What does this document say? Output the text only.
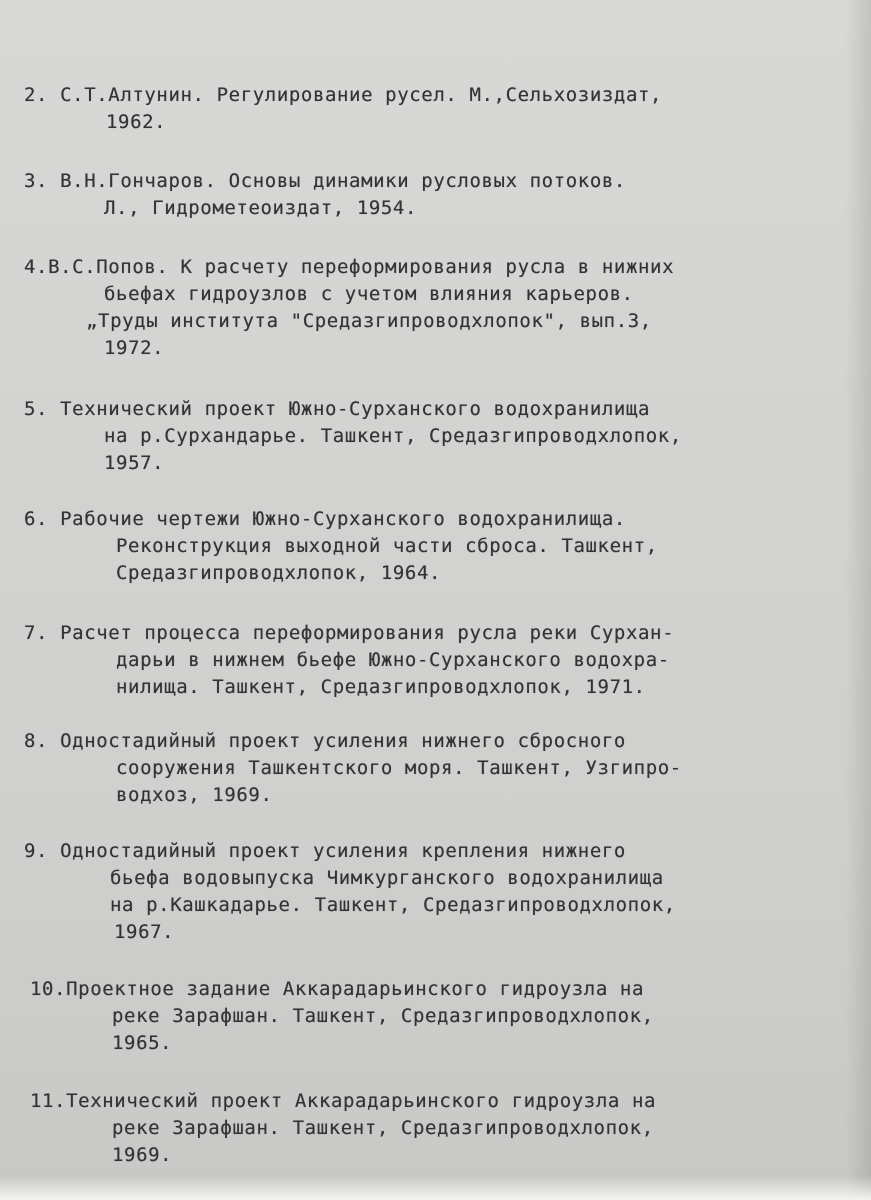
2. С.Т.Алтунин. Регулирование русел. М.,Сельхозиздат,
1962.
3. В.Н.Гончаров. Основы динамики русловых потоков.
Л., Гидрометеоиздат, 1954.
4.В.С.Попов. К расчету переформирования русла в нижних
бьефах гидроузлов с учетом влияния карьеров.
„Труды института "Средазгипроводхлопок", вып.3,
1972.
5. Технический проект Южно-Сурханского водохранилища
на р.Сурхандарье. Ташкент, Средазгипроводхлопок,
1957.
6. Рабочие чертежи Южно-Сурханского водохранилища.
Реконструкция выходной части сброса. Ташкент,
Средазгипроводхлопок, 1964.
7. Расчет процесса переформирования русла реки Сурхан-
дарьи в нижнем бьефе Южно-Сурханского водохра-
нилища. Ташкент, Средазгипроводхлопок, 1971.
8. Одностадийный проект усиления нижнего сбросного
сооружения Ташкентского моря. Ташкент, Узгипро-
водхоз, 1969.
9. Одностадийный проект усиления крепления нижнего
бьефа водовыпуска Чимкурганского водохранилища
на р.Кашкадарье. Ташкент, Средазгипроводхлопок,
1967.
10.Проектное задание Аккарадарьинского гидроузла на
реке Зарафшан. Ташкент, Средазгипроводхлопок,
1965.
11.Технический проект Аккарадарьинского гидроузла на
реке Зарафшан. Ташкент, Средазгипроводхлопок,
1969.
